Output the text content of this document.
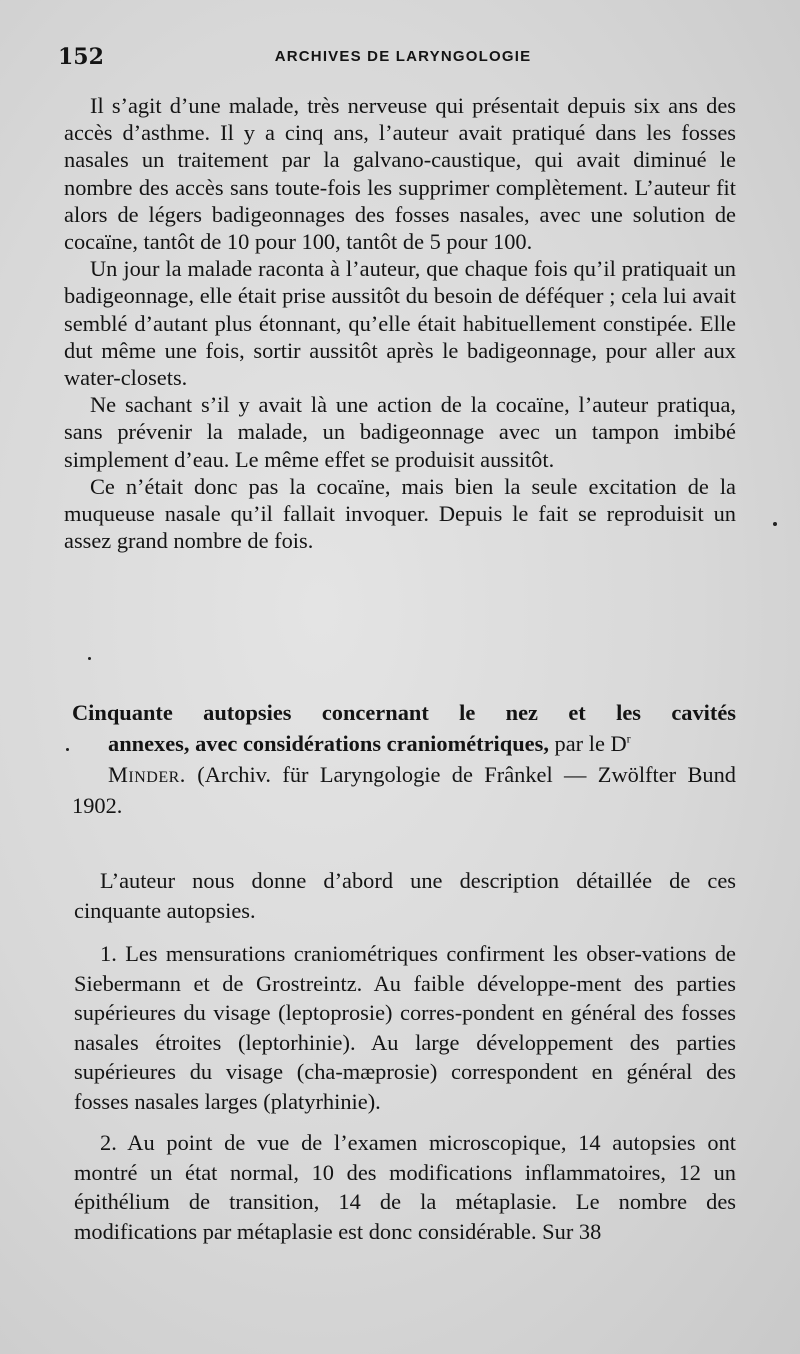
152	ARCHIVES DE LARYNGOLOGIE

Il s’agit d’une malade, très nerveuse qui présentait depuis six ans des accès d’asthme. Il y a cinq ans, l’auteur avait pratiqué dans les fosses nasales un traitement par la galvano-caustique, qui avait diminué le nombre des accès sans toute-fois les supprimer complètement. L’auteur fit alors de légers badigeonnages des fosses nasales, avec une solution de cocaïne, tantôt de 10 pour 100, tantôt de 5 pour 100.

Un jour la malade raconta à l’auteur, que chaque fois qu’il pratiquait un badigeonnage, elle était prise aussitôt du besoin de déféquer ; cela lui avait semblé d’autant plus étonnant, qu’elle était habituellement constipée. Elle dut même une fois, sortir aussitôt après le badigeonnage, pour aller aux water-closets.

Ne sachant s’il y avait là une action de la cocaïne, l’auteur pratiqua, sans prévenir la malade, un badigeonnage avec un tampon imbibé simplement d’eau. Le même effet se produisit aussitôt.

Ce n’était donc pas la cocaïne, mais bien la seule excitation de la muqueuse nasale qu’il fallait invoquer. Depuis le fait se reproduisit un assez grand nombre de fois.

Cinquante autopsies concernant le nez et les cavités
annexes, avec considérations craniométriques, par le $D^r$
Minder. (Archiv. für Laryngologie de Frânkel — Zwölfter Bund 1902.

L’auteur nous donne d’abord une description détaillée de ces cinquante autopsies.

1. Les mensurations craniométriques confirment les obser-vations de Siebermann et de Grostreintz. Au faible développe-ment des parties supérieures du visage (leptoprosie) corres-pondent en général des fosses nasales étroites (leptorhinie). Au large développement des parties supérieures du visage (cha-mæprosie) correspondent en général des fosses nasales larges (platyrhinie).

2. Au point de vue de l’examen microscopique, 14 autopsies ont montré un état normal, 10 des modifications inflammatoires, 12 un épithélium de transition, 14 de la métaplasie. Le nombre des modifications par métaplasie est donc considérable. Sur 38
